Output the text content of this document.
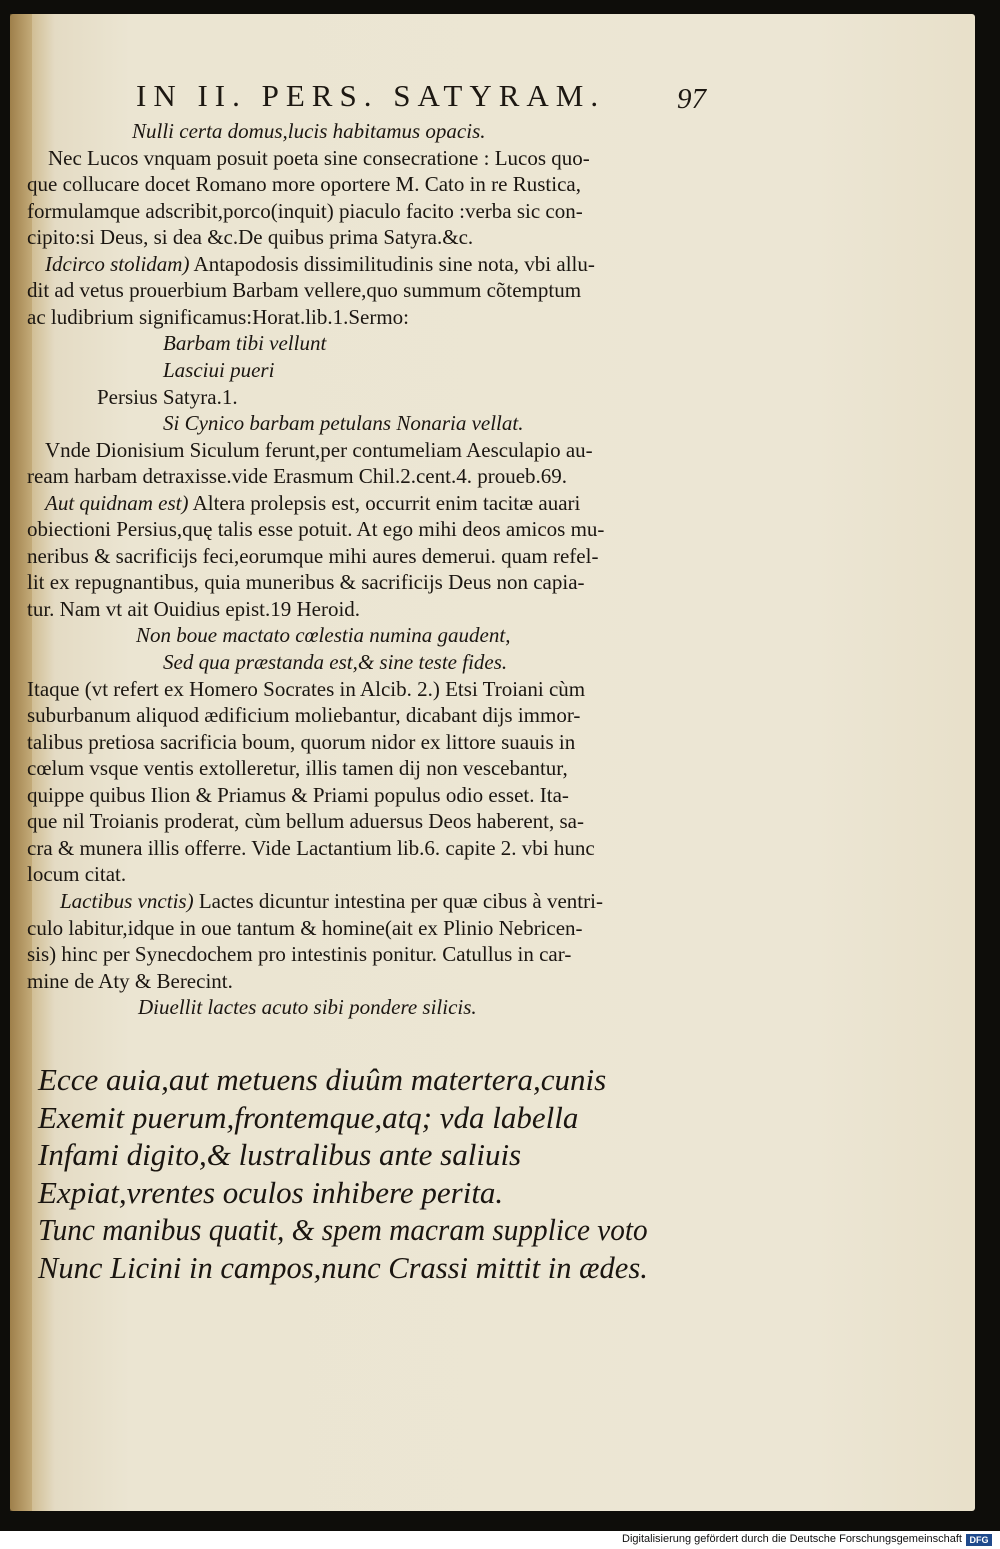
IN II. PERS. SATYRAM. 97
Nulli certa domus,lucis habitamus opacis.
Nec Lucos vnquam posuit poeta sine consecratione : Lucos quo-
que collucare docet Romano more oportere M. Cato in re Rustica,
formulamque adscribit,porco(inquit) piaculo facito :verba sic con-
cipito:si Deus, si dea &c.De quibus prima Satyra.&c.
Idcirco stolidam) Antapodosis dissimilitudinis sine nota, vbi allu-
dit ad vetus prouerbium Barbam vellere,quo summum cõtemptum
ac ludibrium significamus:Horat.lib.1.Sermo:
Barbam tibi vellunt
Lasciui pueri
Persius Satyra.1.
Si Cynico barbam petulans Nonaria vellat.
Vnde Dionisium Siculum ferunt,per contumeliam Aesculapio au-
ream harbam detraxisse.vide Erasmum Chil.2.cent.4. proueb.69.
Aut quidnam est) Altera prolepsis est, occurrit enim tacitæ auari
obiectioni Persius,quę talis esse potuit. At ego mihi deos amicos mu-
neribus & sacrificijs feci,eorumque mihi aures demerui. quam refel-
lit ex repugnantibus, quia muneribus & sacrificijs Deus non capia-
tur. Nam vt ait Ouidius epist.19 Heroid.
Non boue mactato cœlestia numina gaudent,
Sed qua præstanda est,& sine teste fides.
Itaque (vt refert ex Homero Socrates in Alcib. 2.) Etsi Troiani cùm
suburbanum aliquod ædificium moliebantur, dicabant dijs immor-
talibus pretiosa sacrificia boum, quorum nidor ex littore suauis in
cœlum vsque ventis extolleretur, illis tamen dij non vescebantur,
quippe quibus Ilion & Priamus & Priami populus odio esset. Ita-
que nil Troianis proderat, cùm bellum aduersus Deos haberent, sa-
cra & munera illis offerre. Vide Lactantium lib.6. capite 2. vbi hunc
locum citat.
Lactibus vnctis) Lactes dicuntur intestina per quæ cibus à ventri-
culo labitur,idque in oue tantum & homine(ait ex Plinio Nebricen-
sis) hinc per Synecdochem pro intestinis ponitur. Catullus in car-
mine de Aty & Berecint.
Diuellit lactes acuto sibi pondere silicis.
Ecce auia,aut metuens diuûm matertera,cunis
Exemit puerum,frontemque,atq; vda labella
Infami digito,& lustralibus ante saliuis
Expiat,vrentes oculos inhibere perita.
Tunc manibus quatit, & spem macram supplice voto
Nunc Licini in campos,nunc Crassi mittit in ædes.
Digitalisierung gefördert durch die Deutsche Forschungsgemeinschaft DFG
